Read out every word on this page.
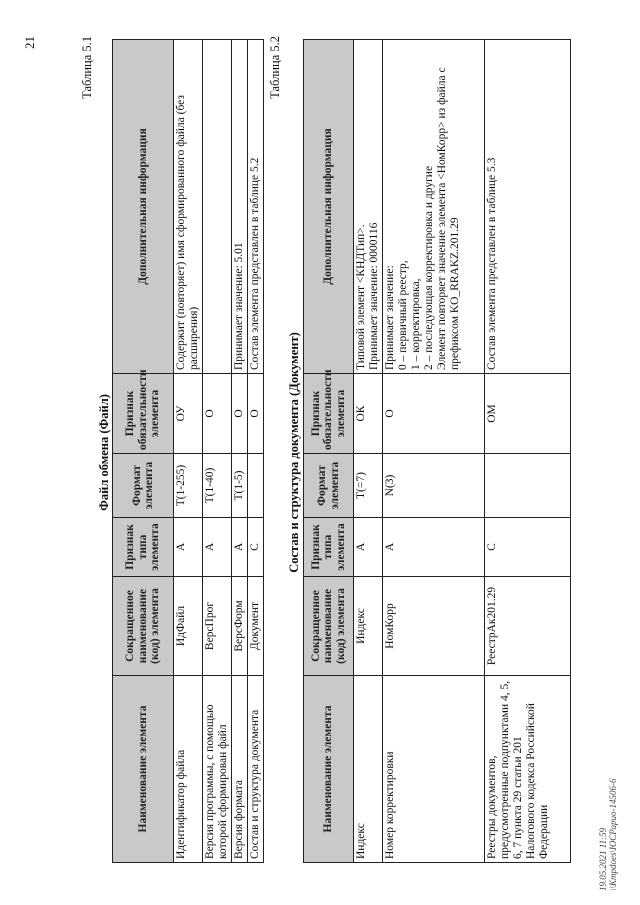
21	Таблица 5.1
Файл обмена (Файл)
Наименование элемента	Сокращенное наименование (код) элемента	Признак типа элемента	Формат элемента	Признак обязательности элемента	Дополнительная информация
Идентификатор файла	ИдФайл	А	T(1-255)	ОУ	Содержит (повторяет) имя сформированного файла (без расширения)
Версия программы, с помощью которой сформирован файл	ВерсПрог	А	T(1-40)	О	
Версия формата	ВерсФорм	А	T(1-5)	О	Принимает значение: 5.01
Состав и структура документа	Документ	С		О	Состав элемента представлен в таблице 5.2
Таблица 5.2
Состав и структура документа (Документ)
Наименование элемента	Сокращенное наименование (код) элемента	Признак типа элемента	Формат элемента	Признак обязательности элемента	Дополнительная информация
Индекс	Индекс	А	T(=7)	ОК	Типовой элемент <КНДТип>.
Принимает значение: 0000116
Номер корректировки	НомКорр	А	N(3)	О	Принимает значение:
0 – первичный реестр,
1 – корректировка,
2 – последующая корректировка и другие
Элемент повторяет значение элемента <НомКорр> из файла с префиксом KO_RRAKZ.201.29
Реестры документов, предусмотренные подпунктами 4, 5, 6, 7 пункта 29 статьи 201 Налогового кодекса Российской Федерации	РеестрАк201.29	С		ОМ	Состав элемента представлен в таблице 5.3
19.05.2021 11:59 \\Kmpdoes\ЮСРарио-14506-6
